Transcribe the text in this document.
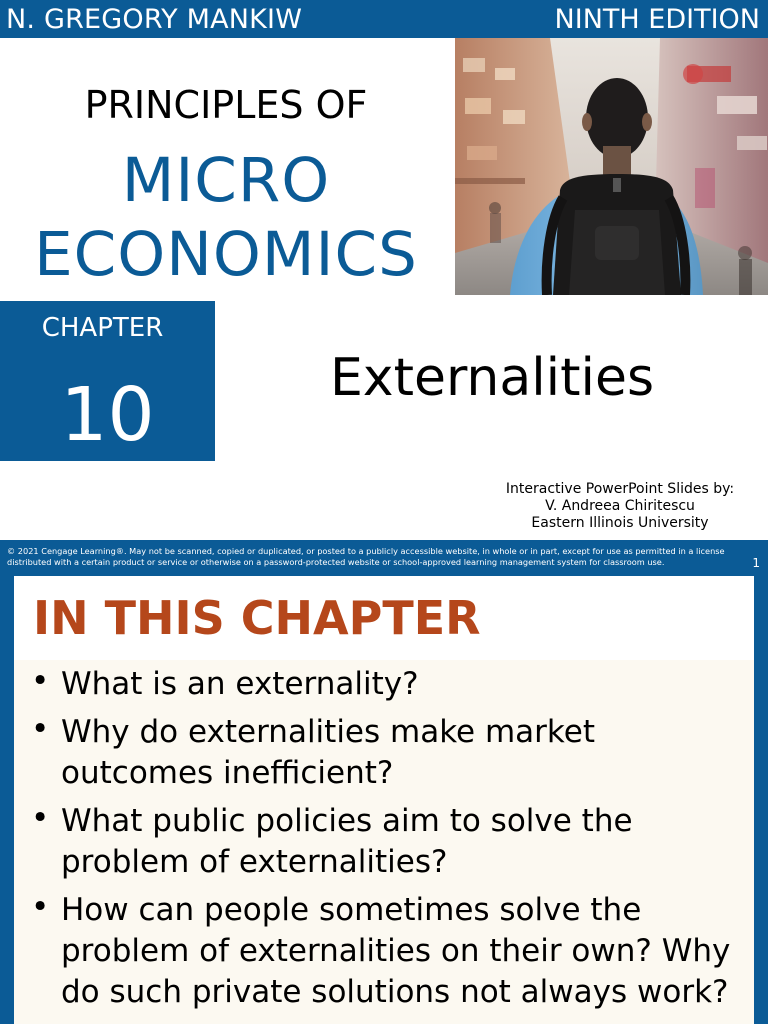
N. GREGORY MANKIW	NINTH EDITION
PRINCIPLES OF
MICRO
ECONOMICS
CHAPTER
10	Externalities
Interactive PowerPoint Slides by:
V. Andreea Chiritescu
Eastern Illinois University
© 2021 Cengage Learning®. May not be scanned, copied or duplicated, or posted to a publicly accessible website, in whole or in part, except for use as permitted in a license distributed with a certain product or service or otherwise on a password-protected website or school-approved learning management system for classroom use.	1
IN THIS CHAPTER
• What is an externality?
• Why do externalities make market outcomes inefficient?
• What public policies aim to solve the problem of externalities?
• How can people sometimes solve the problem of externalities on their own? Why do such private solutions not always work?
